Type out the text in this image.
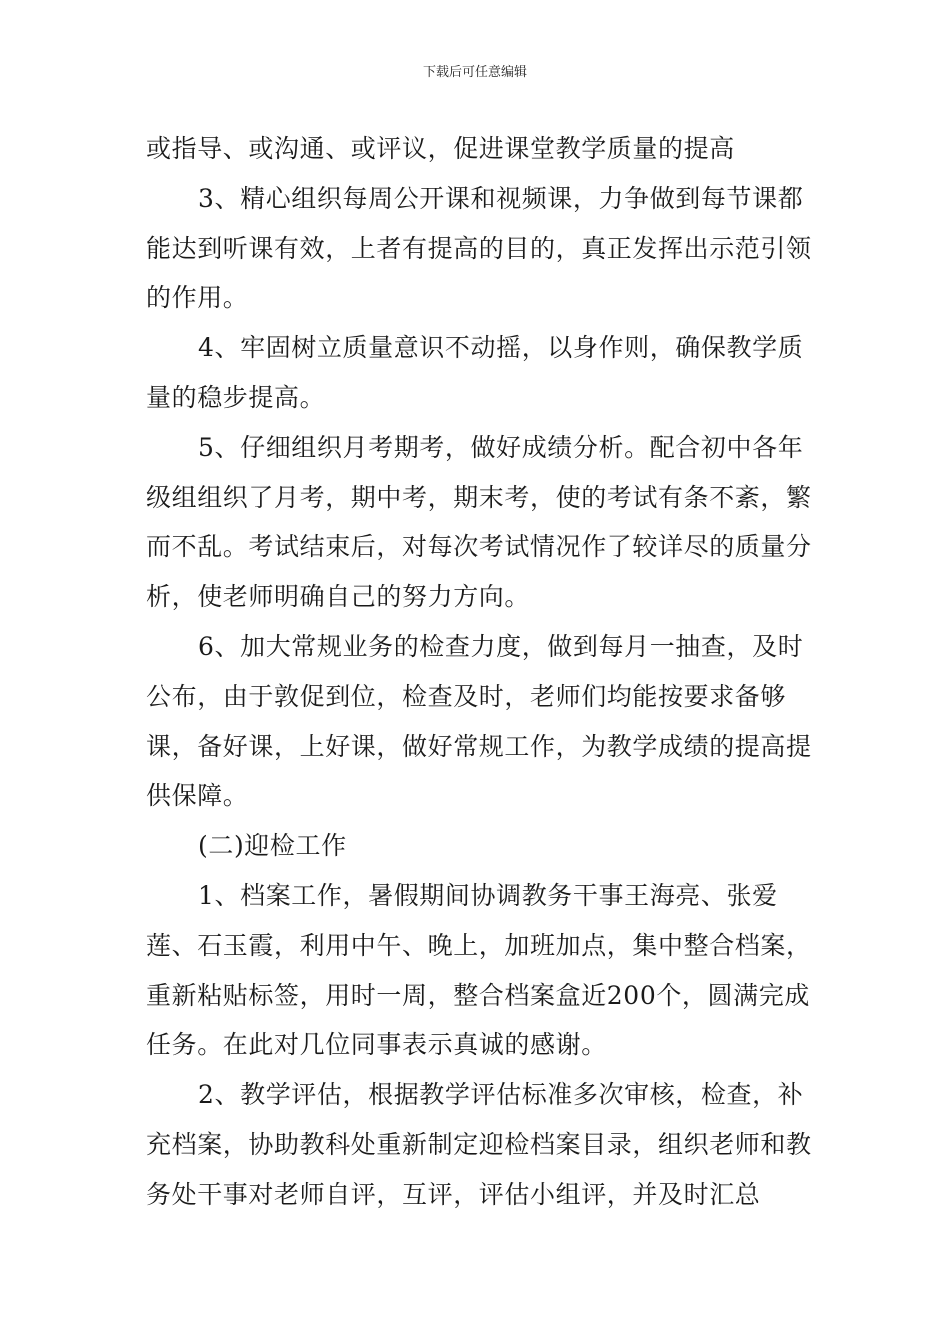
下载后可任意编辑

或指导、或沟通、或评议，促进课堂教学质量的提高

3、精心组织每周公开课和视频课，力争做到每节课都能达到听课有效，上者有提高的目的，真正发挥出示范引领的作用。

4、牢固树立质量意识不动摇，以身作则，确保教学质量的稳步提高。

5、仔细组织月考期考，做好成绩分析。配合初中各年级组组织了月考，期中考，期末考，使的考试有条不紊，繁而不乱。考试结束后，对每次考试情况作了较详尽的质量分析，使老师明确自己的努力方向。

6、加大常规业务的检查力度，做到每月一抽查，及时公布，由于敦促到位，检查及时，老师们均能按要求备够课，备好课，上好课，做好常规工作，为教学成绩的提高提供保障。

(二)迎检工作

1、档案工作，暑假期间协调教务干事王海亮、张爱莲、石玉霞，利用中午、晚上，加班加点，集中整合档案，重新粘贴标签，用时一周，整合档案盒近200个，圆满完成任务。在此对几位同事表示真诚的感谢。

2、教学评估，根据教学评估标准多次审核，检查，补充档案，协助教科处重新制定迎检档案目录，组织老师和教务处干事对老师自评，互评，评估小组评，并及时汇总
